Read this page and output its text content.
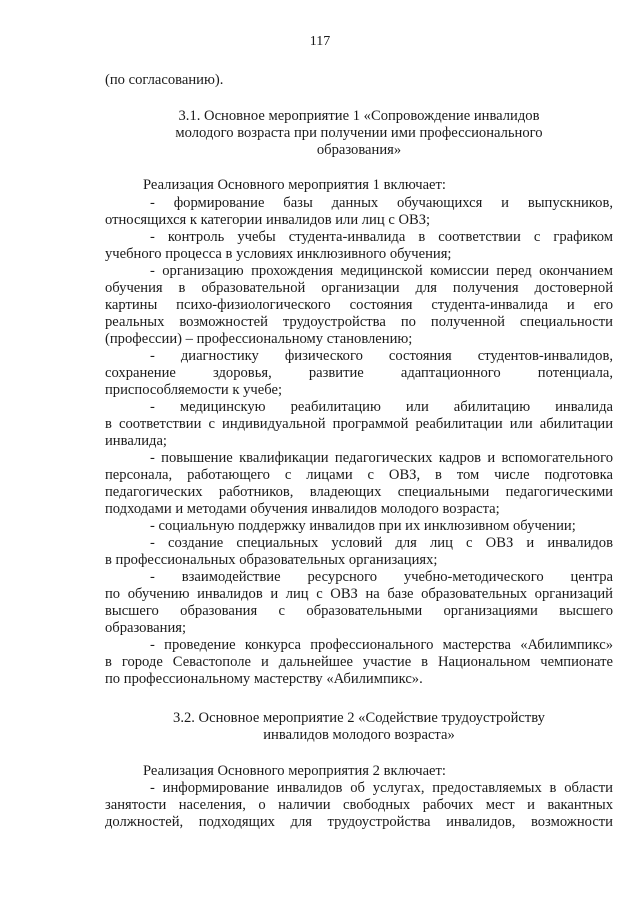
117
(по согласованию).
3.1. Основное мероприятие 1 «Сопровождение инвалидов
молодого возраста при получении ими профессионального
образования»
Реализация Основного мероприятия 1 включает:
- формирование базы данных обучающихся и выпускников,
относящихся к категории инвалидов или лиц с ОВЗ;
- контроль учебы студента-инвалида в соответствии с графиком
учебного процесса в условиях инклюзивного обучения;
- организацию прохождения медицинской комиссии перед окончанием
обучения в образовательной организации для получения достоверной
картины психо-физиологического состояния студента-инвалида и его
реальных возможностей трудоустройства по полученной специальности
(профессии) – профессиональному становлению;
- диагностику физического состояния студентов-инвалидов,
сохранение здоровья, развитие адаптационного потенциала,
приспособляемости к учебе;
- медицинскую реабилитацию или абилитацию инвалида
в соответствии с индивидуальной программой реабилитации или абилитации
инвалида;
- повышение квалификации педагогических кадров и вспомогательного
персонала, работающего с лицами с ОВЗ, в том числе подготовка
педагогических работников, владеющих специальными педагогическими
подходами и методами обучения инвалидов молодого возраста;
- социальную поддержку инвалидов при их инклюзивном обучении;
- создание специальных условий для лиц с ОВЗ и инвалидов
в профессиональных образовательных организациях;
- взаимодействие ресурсного учебно-методического центра
по обучению инвалидов и лиц с ОВЗ на базе образовательных организаций
высшего образования с образовательными организациями высшего
образования;
- проведение конкурса профессионального мастерства «Абилимпикс»
в городе Севастополе и дальнейшее участие в Национальном чемпионате
по профессиональному мастерству «Абилимпикс».
3.2. Основное мероприятие 2 «Содействие трудоустройству
инвалидов молодого возраста»
Реализация Основного мероприятия 2 включает:
- информирование инвалидов об услугах, предоставляемых в области
занятости населения, о наличии свободных рабочих мест и вакантных
должностей, подходящих для трудоустройства инвалидов, возможности
